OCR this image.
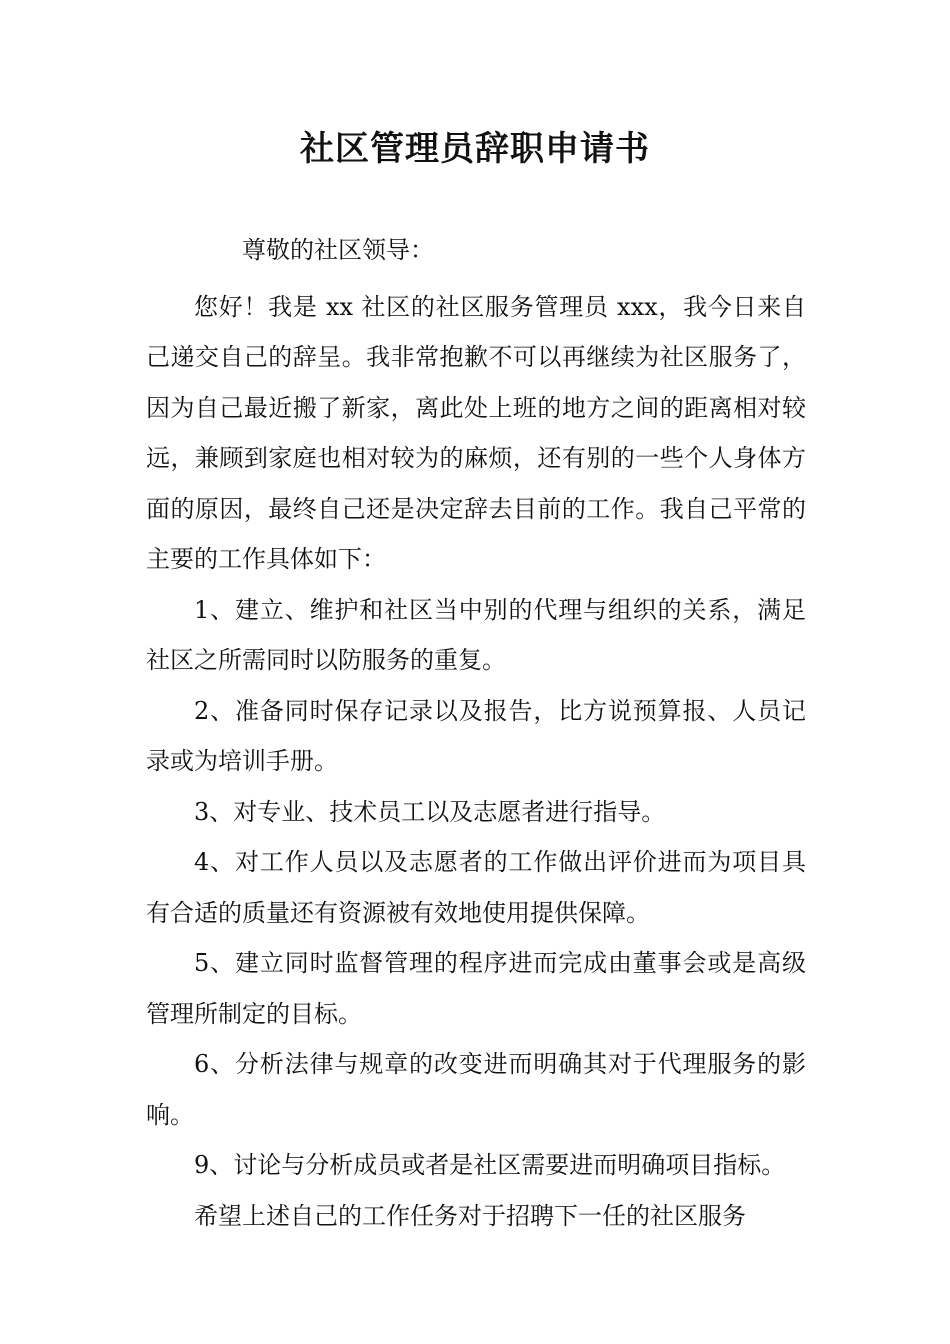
社区管理员辞职申请书

尊敬的社区领导：

您好！我是 xx 社区的社区服务管理员 xxx，我今日来自己递交自己的辞呈。我非常抱歉不可以再继续为社区服务了，因为自己最近搬了新家，离此处上班的地方之间的距离相对较远，兼顾到家庭也相对较为的麻烦，还有别的一些个人身体方面的原因，最终自己还是决定辞去目前的工作。我自己平常的主要的工作具体如下：

1、建立、维护和社区当中别的代理与组织的关系，满足社区之所需同时以防服务的重复。

2、准备同时保存记录以及报告，比方说预算报、人员记录或为培训手册。

3、对专业、技术员工以及志愿者进行指导。

4、对工作人员以及志愿者的工作做出评价进而为项目具有合适的质量还有资源被有效地使用提供保障。

5、建立同时监督管理的程序进而完成由董事会或是高级管理所制定的目标。

6、分析法律与规章的改变进而明确其对于代理服务的影响。

9、讨论与分析成员或者是社区需要进而明确项目指标。

希望上述自己的工作任务对于招聘下一任的社区服务
